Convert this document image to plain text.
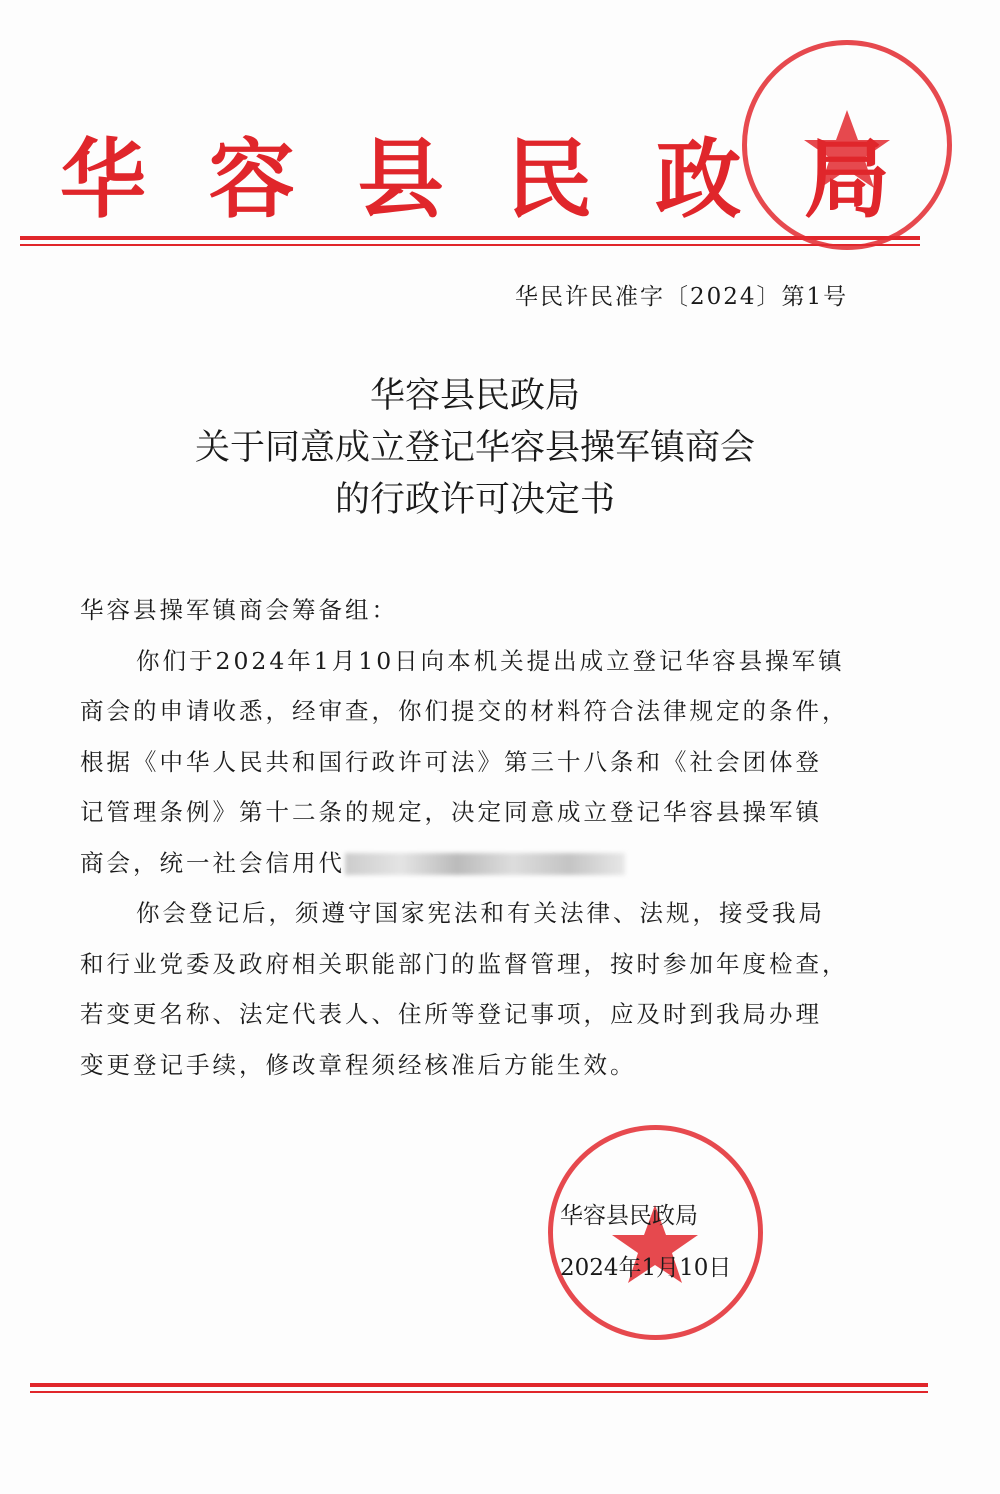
华 容 县 民 政 局
华民许民准字〔2024〕第1号
华容县民政局
关于同意成立登记华容县操军镇商会
的行政许可决定书
华容县操军镇商会筹备组：
你们于2024年1月10日向本机关提出成立登记华容县操军镇
商会的申请收悉，经审查，你们提交的材料符合法律规定的条件，
根据《中华人民共和国行政许可法》第三十八条和《社会团体登
记管理条例》第十二条的规定，决定同意成立登记华容县操军镇
商会，统一社会信用代
你会登记后，须遵守国家宪法和有关法律、法规，接受我局
和行业党委及政府相关职能部门的监督管理，按时参加年度检查，
若变更名称、法定代表人、住所等登记事项，应及时到我局办理
变更登记手续，修改章程须经核准后方能生效。
华容县民政局
2024年1月10日
